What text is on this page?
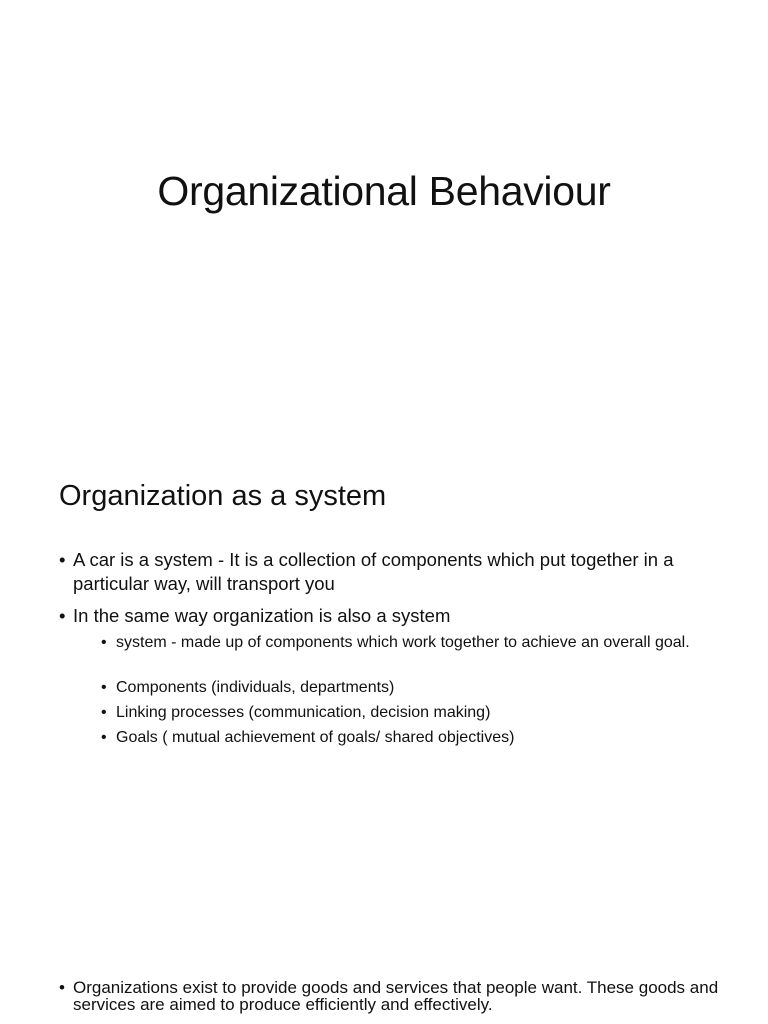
Organizational Behaviour
Organization as a system
• A car is a system - It is a collection of components which put together in a particular way, will transport you
• In the same way organization is also a system
• system - made up of components which work together to achieve an overall goal.
• Components (individuals, departments)
• Linking processes (communication, decision making)
• Goals ( mutual achievement of goals/ shared objectives)
• Organizations exist to provide goods and services that people want. These goods and services are aimed to produce efficiently and effectively.
